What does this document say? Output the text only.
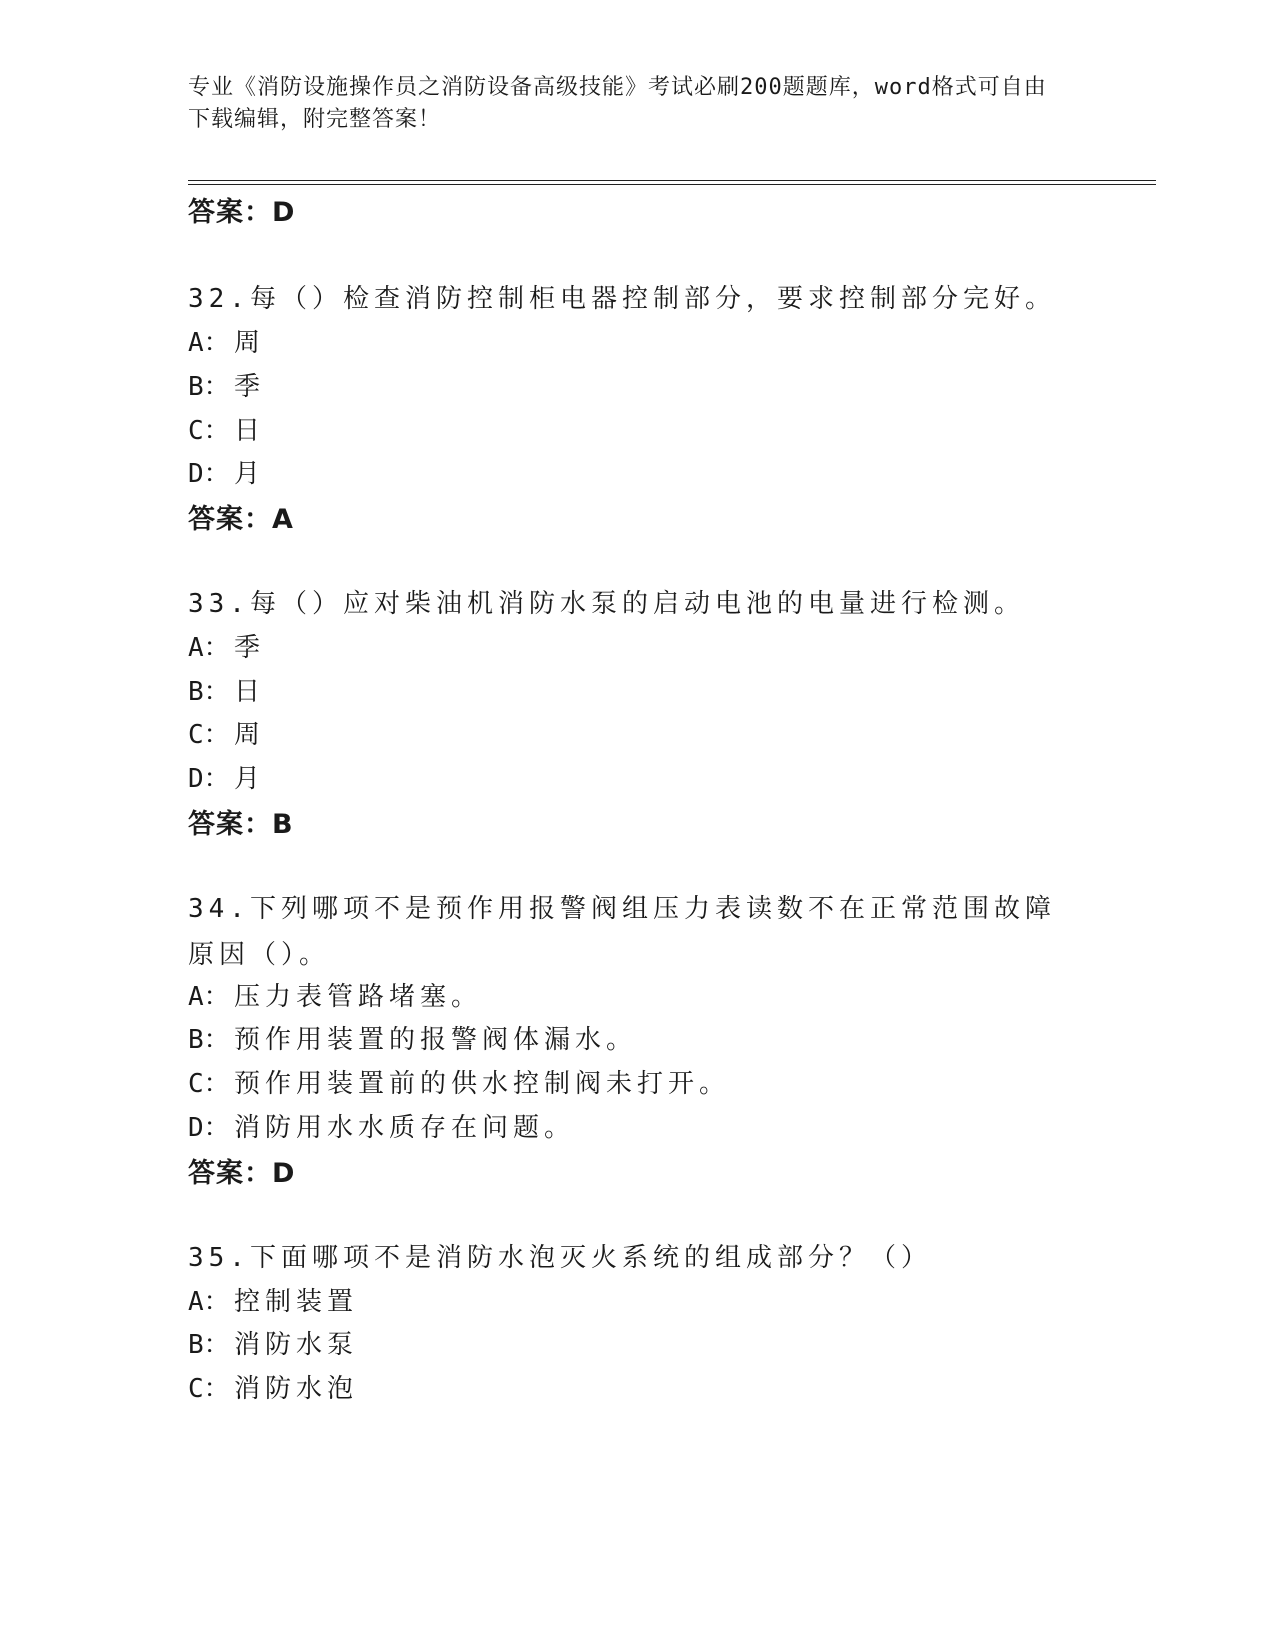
专业《消防设施操作员之消防设备高级技能》考试必刷200题题库，word格式可自由下载编辑，附完整答案！
答案：D
32.每（）检查消防控制柜电器控制部分，要求控制部分完好。
A： 周
B： 季
C： 日
D： 月
答案：A
33.每（）应对柴油机消防水泵的启动电池的电量进行检测。
A： 季
B： 日
C： 周
D： 月
答案：B
34.下列哪项不是预作用报警阀组压力表读数不在正常范围故障原因（）。
A： 压力表管路堵塞。
B： 预作用装置的报警阀体漏水。
C： 预作用装置前的供水控制阀未打开。
D： 消防用水水质存在问题。
答案：D
35.下面哪项不是消防水泡灭火系统的组成部分？（）
A： 控制装置
B： 消防水泵
C： 消防水泡
